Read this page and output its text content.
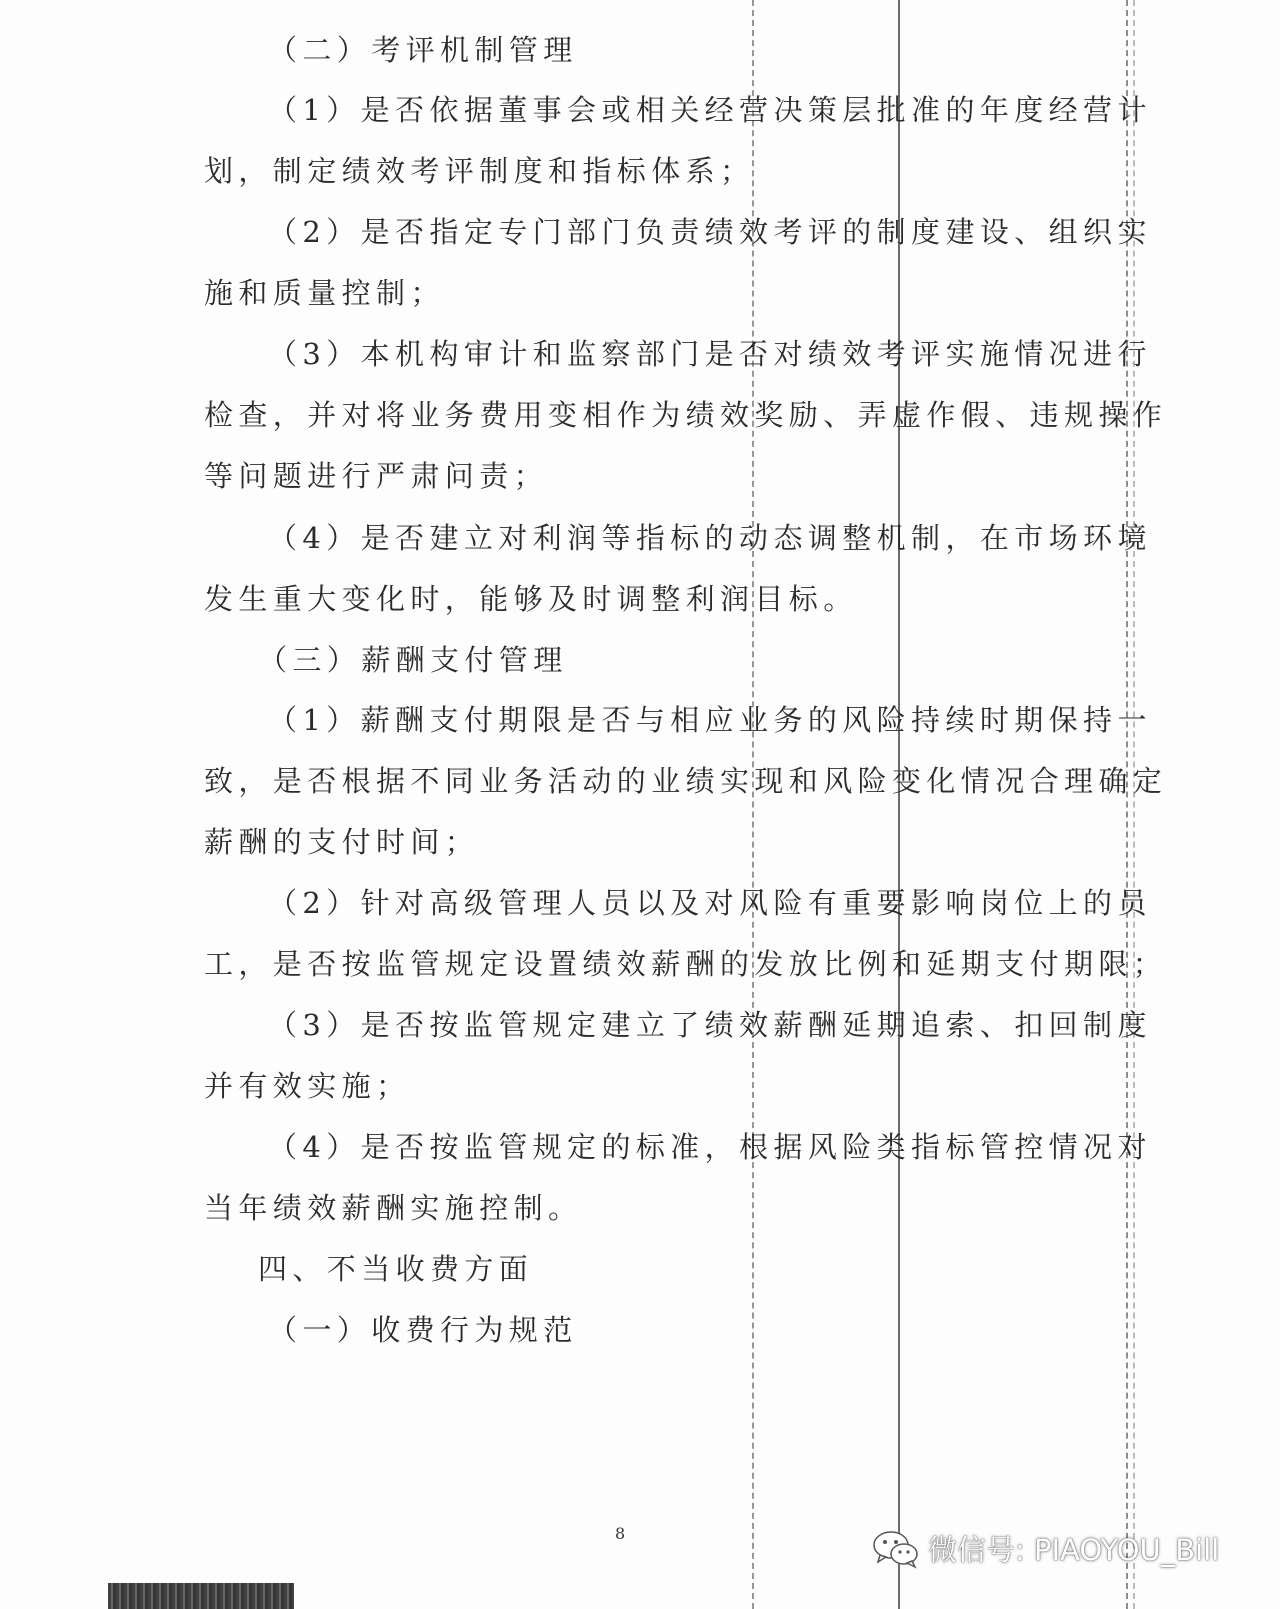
（二）考评机制管理
（1）是否依据董事会或相关经营决策层批准的年度经营计
划，制定绩效考评制度和指标体系；
（2）是否指定专门部门负责绩效考评的制度建设、组织实
施和质量控制；
（3）本机构审计和监察部门是否对绩效考评实施情况进行
检查，并对将业务费用变相作为绩效奖励、弄虚作假、违规操作
等问题进行严肃问责；
（4）是否建立对利润等指标的动态调整机制，在市场环境
发生重大变化时，能够及时调整利润目标。
（三）薪酬支付管理
（1）薪酬支付期限是否与相应业务的风险持续时期保持一
致，是否根据不同业务活动的业绩实现和风险变化情况合理确定
薪酬的支付时间；
（2）针对高级管理人员以及对风险有重要影响岗位上的员
工，是否按监管规定设置绩效薪酬的发放比例和延期支付期限；
（3）是否按监管规定建立了绩效薪酬延期追索、扣回制度
并有效实施；
（4）是否按监管规定的标准，根据风险类指标管控情况对
当年绩效薪酬实施控制。
四、不当收费方面
（一）收费行为规范
8	微信号: PIAOYOU_Bill
